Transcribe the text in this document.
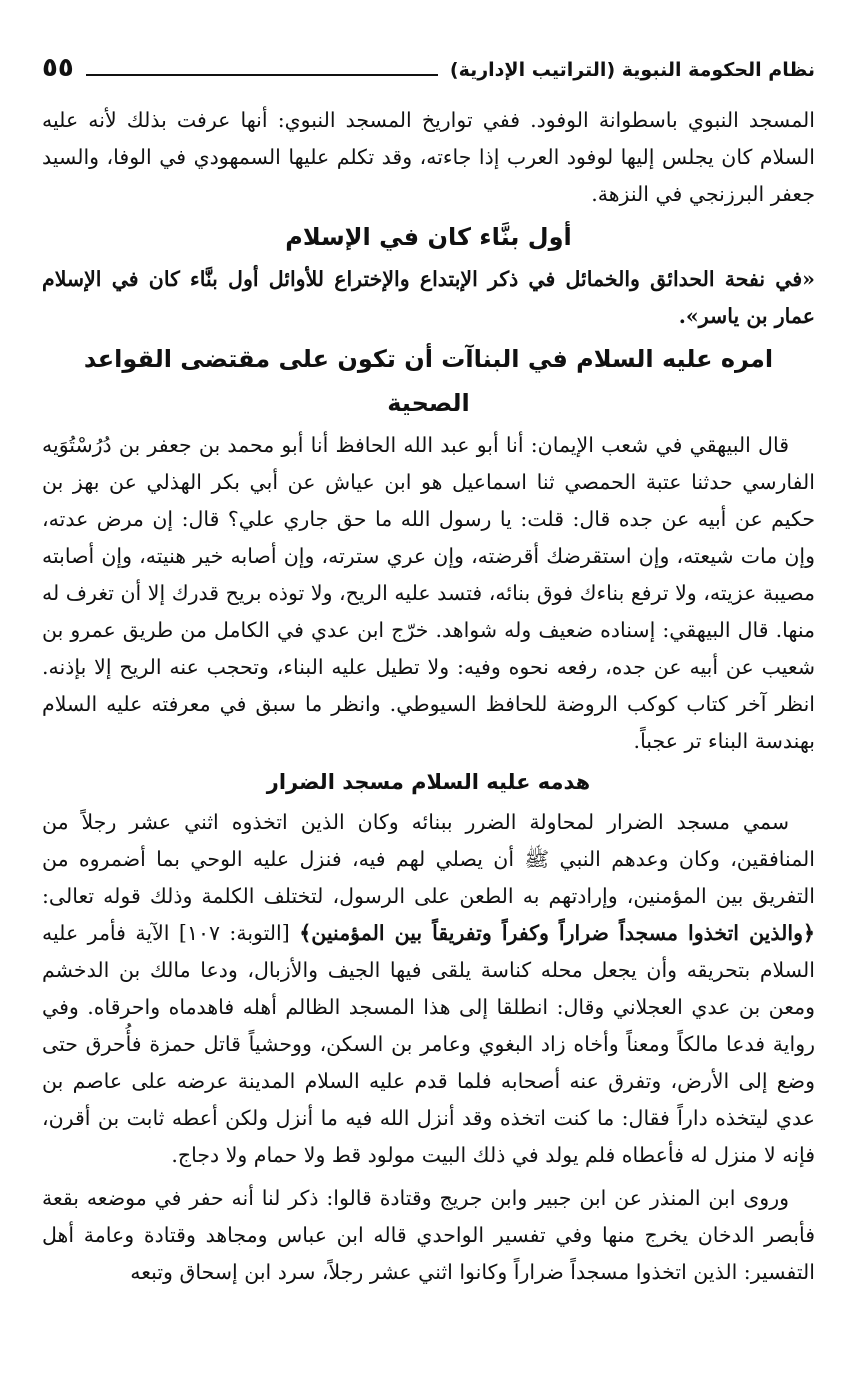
نظام الحكومة النبوية (التراتيب الإدارية)
٥٥

المسجد النبوي باسطوانة الوفود. ففي تواريخ المسجد النبوي: أنها عرفت بذلك لأنه عليه السلام كان يجلس إليها لوفود العرب إذا جاءته، وقد تكلم عليها السمهودي في الوفا، والسيد جعفر البرزنجي في النزهة.

أول بنَّاء كان في الإسلام
«في نفحة الحدائق والخمائل في ذكر الإبتداع والإختراع للأوائل أول بنَّاء كان في الإسلام عمار بن ياسر».
امره عليه السلام في البناآت أن تكون على مقتضى القواعد الصحية

قال البيهقي في شعب الإيمان: أنا أبو عبد الله الحافظ أنا أبو محمد بن جعفر بن دُرُسْتُوَيه الفارسي حدثنا عتبة الحمصي ثنا اسماعيل هو ابن عياش عن أبي بكر الهذلي عن بهز بن حكيم عن أبيه عن جده قال: قلت: يا رسول الله ما حق جاري علي؟ قال: إن مرض عدته، وإن مات شيعته، وإن استقرضك أقرضته، وإن عري سترته، وإن أصابه خير هنيته، وإن أصابته مصيبة عزيته، ولا ترفع بناءك فوق بنائه، فتسد عليه الريح، ولا توذه بريح قدرك إلا أن تغرف له منها. قال البيهقي: إسناده ضعيف وله شواهد. خرّج ابن عدي في الكامل من طريق عمرو بن شعيب عن أبيه عن جده، رفعه نحوه وفيه: ولا تطيل عليه البناء، وتحجب عنه الريح إلا بإذنه. انظر آخر كتاب كوكب الروضة للحافظ السيوطي. وانظر ما سبق في معرفته عليه السلام بهندسة البناء تر عجباً.

هدمه عليه السلام مسجد الضرار

سمي مسجد الضرار لمحاولة الضرر ببنائه وكان الذين اتخذوه اثني عشر رجلاً من المنافقين، وكان وعدهم النبي ﷺ أن يصلي لهم فيه، فنزل عليه الوحي بما أضمروه من التفريق بين المؤمنين، وإرادتهم به الطعن على الرسول، لتختلف الكلمة وذلك قوله تعالى: ﴿والذين اتخذوا مسجداً ضراراً وكفراً وتفريقاً بين المؤمنين﴾ [التوبة: ١٠٧] الآية فأمر عليه السلام بتحريقه وأن يجعل محله كناسة يلقى فيها الجيف والأزبال، ودعا مالك بن الدخشم ومعن بن عدي العجلاني وقال: انطلقا إلى هذا المسجد الظالم أهله فاهدماه واحرقاه. وفي رواية فدعا مالكاً ومعناً وأخاه زاد البغوي وعامر بن السكن، ووحشياً قاتل حمزة فأُحرق حتى وضع إلى الأرض، وتفرق عنه أصحابه فلما قدم عليه السلام المدينة عرضه على عاصم بن عدي ليتخذه داراً فقال: ما كنت اتخذه وقد أنزل الله فيه ما أنزل ولكن أعطه ثابت بن أقرن، فإنه لا منزل له فأعطاه فلم يولد في ذلك البيت مولود قط ولا حمام ولا دجاج.

وروى ابن المنذر عن ابن جبير وابن جريج وقتادة قالوا: ذكر لنا أنه حفر في موضعه بقعة فأبصر الدخان يخرج منها وفي تفسير الواحدي قاله ابن عباس ومجاهد وقتادة وعامة أهل التفسير: الذين اتخذوا مسجداً ضراراً وكانوا اثني عشر رجلاً، سرد ابن إسحاق وتبعه
